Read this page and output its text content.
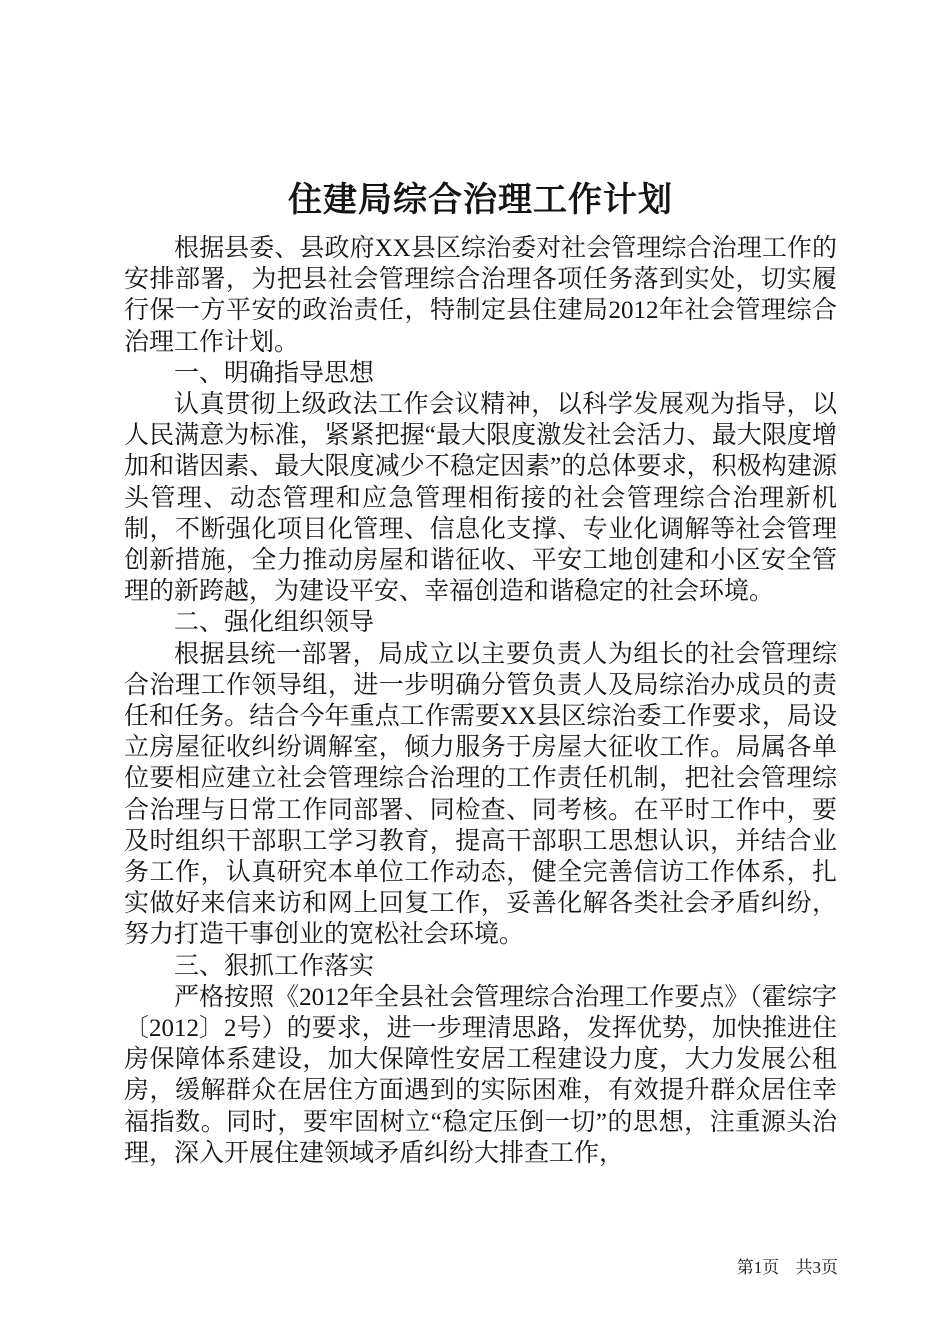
住建局综合治理工作计划

根据县委、县政府XX县区综治委对社会管理综合治理工作的安排部署，为把县社会管理综合治理各项任务落到实处，切实履行保一方平安的政治责任，特制定县住建局2012年社会管理综合治理工作计划。

一、明确指导思想

认真贯彻上级政法工作会议精神，以科学发展观为指导，以人民满意为标准，紧紧把握“最大限度激发社会活力、最大限度增加和谐因素、最大限度减少不稳定因素”的总体要求，积极构建源头管理、动态管理和应急管理相衔接的社会管理综合治理新机制，不断强化项目化管理、信息化支撑、专业化调解等社会管理创新措施，全力推动房屋和谐征收、平安工地创建和小区安全管理的新跨越，为建设平安、幸福创造和谐稳定的社会环境。

二、强化组织领导

根据县统一部署，局成立以主要负责人为组长的社会管理综合治理工作领导组，进一步明确分管负责人及局综治办成员的责任和任务。结合今年重点工作需要XX县区综治委工作要求，局设立房屋征收纠纷调解室，倾力服务于房屋大征收工作。局属各单位要相应建立社会管理综合治理的工作责任机制，把社会管理综合治理与日常工作同部署、同检查、同考核。在平时工作中，要及时组织干部职工学习教育，提高干部职工思想认识，并结合业务工作，认真研究本单位工作动态，健全完善信访工作体系，扎实做好来信来访和网上回复工作，妥善化解各类社会矛盾纠纷，努力打造干事创业的宽松社会环境。

三、狠抓工作落实

严格按照《2012年全县社会管理综合治理工作要点》（霍综字〔2012〕2号）的要求，进一步理清思路，发挥优势，加快推进住房保障体系建设，加大保障性安居工程建设力度，大力发展公租房，缓解群众在居住方面遇到的实际困难，有效提升群众居住幸福指数。同时，要牢固树立“稳定压倒一切”的思想，注重源头治理，深入开展住建领域矛盾纠纷大排查工作，

第1页 共3页
